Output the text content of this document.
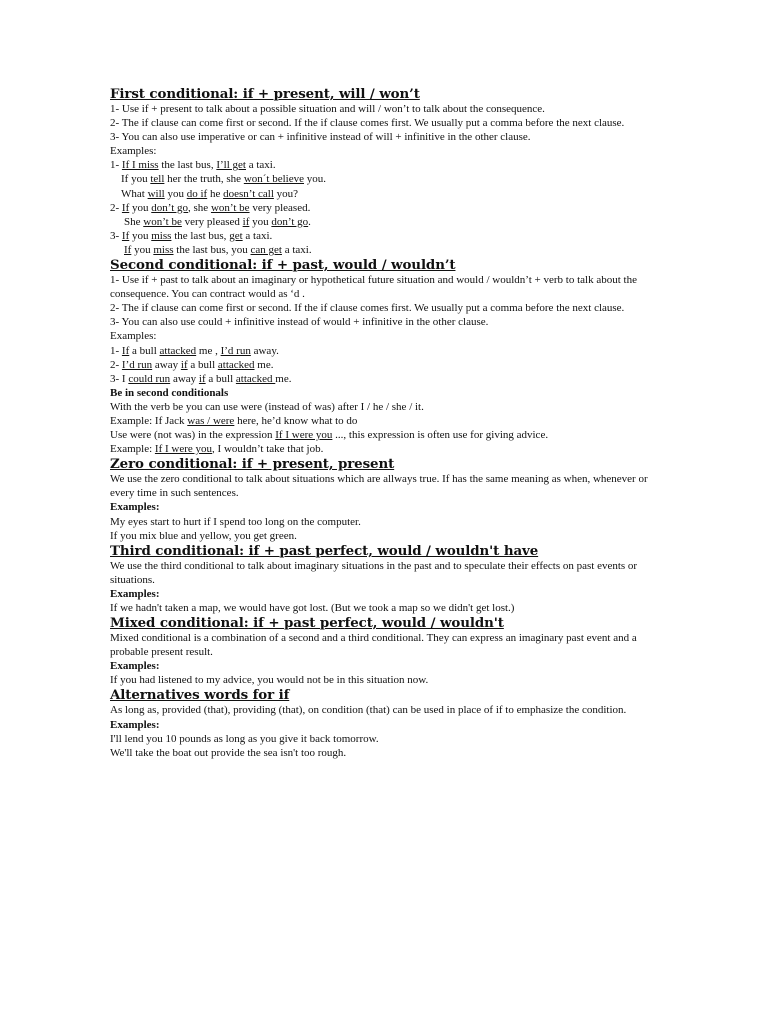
First conditional: if + present, will / won’t

1- Use if + present to talk about a possible situation and will / won’t to talk about the consequence.

2- The if clause can come first or second. If the if clause comes first. We usually put a comma before the next clause.

3- You can also use imperative or can + infinitive instead of will + infinitive in the other clause.

Examples:

1- If I miss the last bus, I’ll get a taxi.

If you tell her the truth, she won´t believe you.

What will you do if he doesn’t call you?

2- If you don’t go, she won’t be very pleased.

She won’t be very pleased if you don’t go.

3- If you miss the last bus, get a taxi.

If you miss the last bus, you can get a taxi.

Second conditional: if + past, would / wouldn’t

1- Use if + past to talk about an imaginary or hypothetical future situation and would / wouldn’t + verb to talk about the consequence. You can contract would as ‘d .

2- The if clause can come first or second. If the if clause comes first. We usually put a comma before the next clause.

3- You can also use could + infinitive instead of would + infinitive in the other clause.

Examples:

1- If a bull attacked me , I’d run away.

2- I’d run away if a bull attacked me.

3- I could run away if a bull attacked me.

Be in second conditionals

With the verb be you can use were (instead of was) after I / he / she / it.

Example: If Jack was / were here, he’d know what to do

Use were (not was) in the expression If I were you ..., this expression is often use for giving advice.

Example: If I were you, I wouldn’t take that job.

Zero conditional: if + present, present

We use the zero conditional to talk about situations which are allways true. If has the same meaning as when, whenever or every time in such sentences.

Examples:

My eyes start to hurt if I spend too long on the computer.

If you mix blue and yellow, you get green.

Third conditional: if + past perfect, would / wouldn't have

We use the third conditional to talk about imaginary situations in the past and to speculate their effects on past events or situations.

Examples:

If we hadn't taken a map, we would have got lost. (But we took a map so we didn't get lost.)

Mixed conditional: if + past perfect, would / wouldn't

Mixed conditional is a combination of a second and a third conditional. They can express an imaginary past event and a probable present result.

Examples:

If you had listened to my advice, you would not be in this situation now.

Alternatives words for if

As long as, provided (that), providing (that), on condition (that) can be used in place of if to emphasize the condition.

Examples:

I'll lend you 10 pounds as long as you give it back tomorrow.

We'll take the boat out provide the sea isn't too rough.
